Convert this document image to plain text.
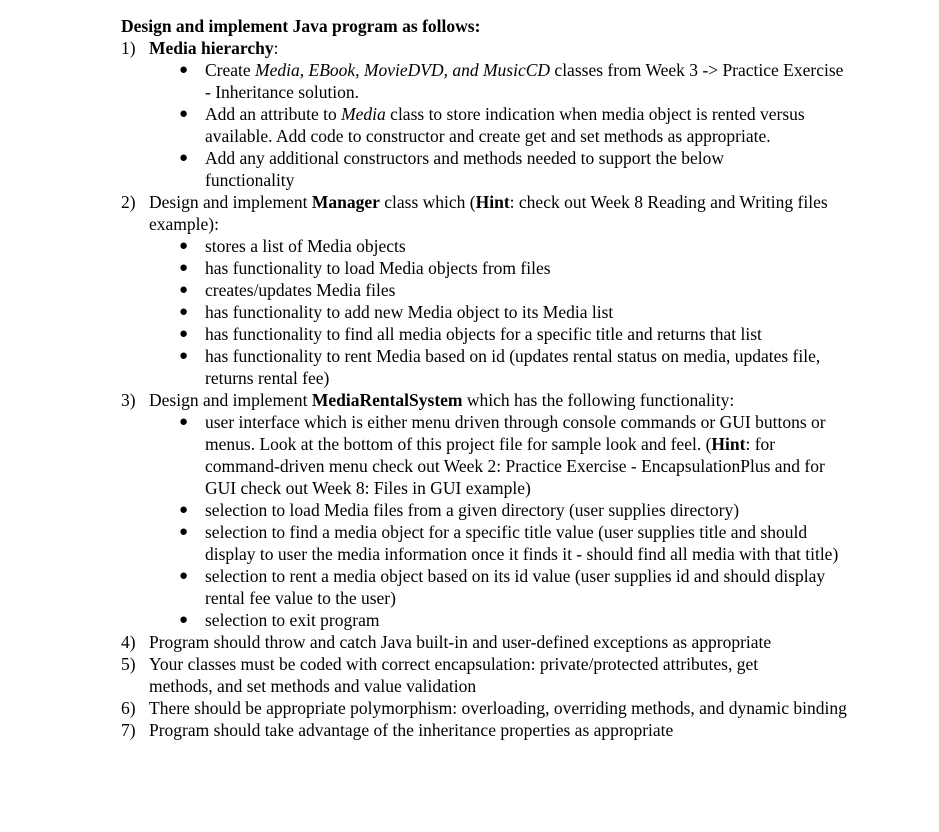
Design and implement Java program as follows:

1) Media hierarchy:
● Create Media, EBook, MovieDVD, and MusicCD classes from Week 3 -> Practice Exercise - Inheritance solution.
● Add an attribute to Media class to store indication when media object is rented versus available. Add code to constructor and create get and set methods as appropriate.
● Add any additional constructors and methods needed to support the below functionality
2) Design and implement Manager class which (Hint: check out Week 8 Reading and Writing files example):
● stores a list of Media objects
● has functionality to load Media objects from files
● creates/updates Media files
● has functionality to add new Media object to its Media list
● has functionality to find all media objects for a specific title and returns that list
● has functionality to rent Media based on id (updates rental status on media, updates file, returns rental fee)
3) Design and implement MediaRentalSystem which has the following functionality:
● user interface which is either menu driven through console commands or GUI buttons or menus. Look at the bottom of this project file for sample look and feel. (Hint: for command-driven menu check out Week 2: Practice Exercise - EncapsulationPlus and for GUI check out Week 8: Files in GUI example)
● selection to load Media files from a given directory (user supplies directory)
● selection to find a media object for a specific title value (user supplies title and should display to user the media information once it finds it - should find all media with that title)
● selection to rent a media object based on its id value (user supplies id and should display rental fee value to the user)
● selection to exit program
4) Program should throw and catch Java built-in and user-defined exceptions as appropriate
5) Your classes must be coded with correct encapsulation: private/protected attributes, get methods, and set methods and value validation
6) There should be appropriate polymorphism: overloading, overriding methods, and dynamic binding
7) Program should take advantage of the inheritance properties as appropriate
